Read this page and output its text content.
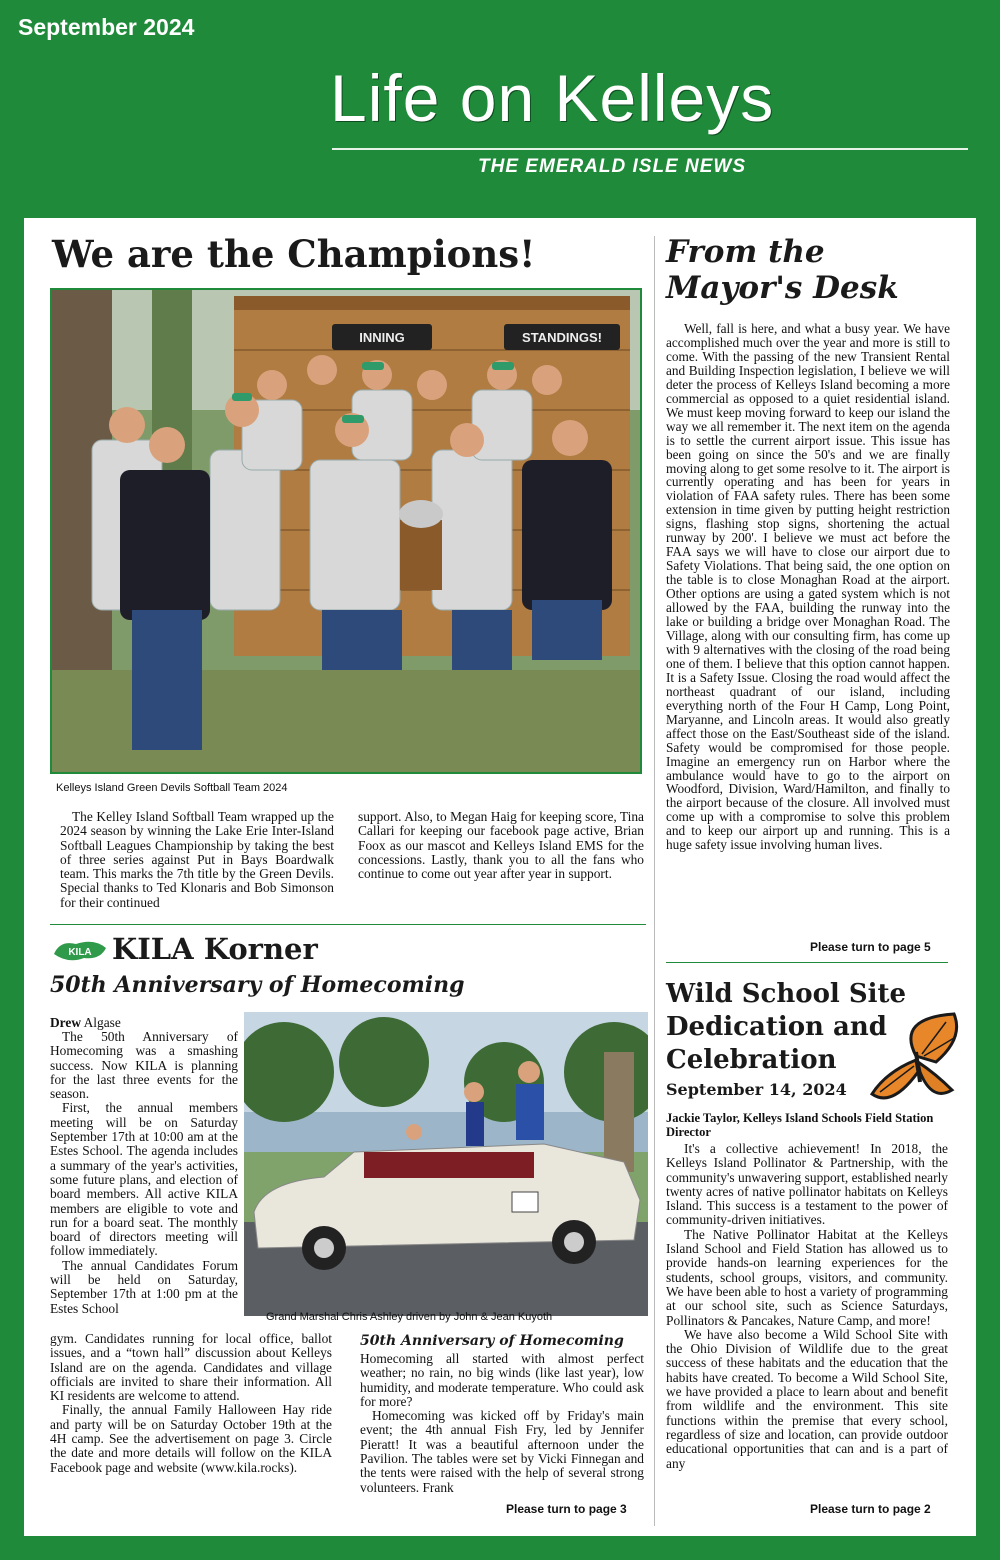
September 2024
Life on Kelleys
THE EMERALD ISLE NEWS
We are the Champions!
INNING	STANDINGS!
Kelleys Island Green Devils Softball Team 2024
The Kelley Island Softball Team wrapped up the 2024 season by winning the Lake Erie Inter-Island Softball Leagues Championship by taking the best of three series against Put in Bays Boardwalk team. This marks the 7th title by the Green Devils. Special thanks to Ted Klonaris and Bob Simonson for their continued
support. Also, to Megan Haig for keeping score, Tina Callari for keeping our facebook page active, Brian Foox as our mascot and Kelleys Island EMS for the concessions. Lastly, thank you to all the fans who continue to come out year after year in support.
From the
Mayor's Desk
Well, fall is here, and what a busy year. We have accomplished much over the year and more is still to come. With the passing of the new Transient Rental and Building Inspection legislation, I believe we will deter the process of Kelleys Island becoming a more commercial as opposed to a quiet residential island. We must keep moving forward to keep our island the way we all remember it. The next item on the agenda is to settle the current airport issue. This issue has been going on since the 50's and we are finally moving along to get some resolve to it. The airport is currently operating and has been for years in violation of FAA safety rules. There has been some extension in time given by putting height restriction signs, flashing stop signs, shortening the actual runway by 200'. I believe we must act before the FAA says we will have to close our airport due to Safety Violations. That being said, the one option on the table is to close Monaghan Road at the airport. Other options are using a gated system which is not allowed by the FAA, building the runway into the lake or building a bridge over Monaghan Road. The Village, along with our consulting firm, has come up with 9 alternatives with the closing of the road being one of them. I believe that this option cannot happen. It is a Safety Issue. Closing the road would affect the northeast quadrant of our island, including everything north of the Four H Camp, Long Point, Maryanne, and Lincoln areas. It would also greatly affect those on the East/Southeast side of the island. Safety would be compromised for those people. Imagine an emergency run on Harbor where the ambulance would have to go to the airport on Woodford, Division, Ward/Hamilton, and finally to the airport because of the closure. All involved must come up with a compromise to solve this problem and to keep our airport up and running. This is a huge safety issue involving human lives.
Please turn to page 5
KILA KILA Korner
50th Anniversary of Homecoming
Drew Algase
The 50th Anniversary of Homecoming was a smashing success. Now KILA is planning for the last three events for the season.
First, the annual members meeting will be on Saturday September 17th at 10:00 am at the Estes School. The agenda includes a summary of the year's activities, some future plans, and election of board members. All active KILA members are eligible to vote and run for a board seat. The monthly board of directors meeting will follow immediately.
The annual Candidates Forum will be held on Saturday, September 17th at 1:00 pm at the Estes School
gym. Candidates running for local office, ballot issues, and a “town hall” discussion about Kelleys Island are on the agenda. Candidates and village officials are invited to share their information. All KI residents are welcome to attend.
Finally, the annual Family Halloween Hay ride and party will be on Saturday October 19th at the 4H camp. See the advertisement on page 3. Circle the date and more details will follow on the KILA Facebook page and website (www.kila.rocks).
Grand Marshal Chris Ashley driven by John & Jean Kuyoth
50th Anniversary of Homecoming
Homecoming all started with almost perfect weather; no rain, no big winds (like last year), low humidity, and moderate temperature. Who could ask for more?
Homecoming was kicked off by Friday's main event; the 4th annual Fish Fry, led by Jennifer Pieratt! It was a beautiful afternoon under the Pavilion. The tables were set by Vicki Finnegan and the tents were raised with the help of several strong volunteers. Frank
Please turn to page 3
Wild School Site Dedication and Celebration
September 14, 2024
Jackie Taylor, Kelleys Island Schools Field Station Director
It's a collective achievement! In 2018, the Kelleys Island Pollinator & Partnership, with the community's unwavering support, established nearly twenty acres of native pollinator habitats on Kelleys Island. This success is a testament to the power of community-driven initiatives.
The Native Pollinator Habitat at the Kelleys Island School and Field Station has allowed us to provide hands-on learning experiences for the students, school groups, visitors, and community. We have been able to host a variety of programming at our school site, such as Science Saturdays, Pollinators & Pancakes, Nature Camp, and more!
We have also become a Wild School Site with the Ohio Division of Wildlife due to the great success of these habitats and the education that the habits have created. To become a Wild School Site, we have provided a place to learn about and benefit from wildlife and the environment. This site functions within the premise that every school, regardless of size and location, can provide outdoor educational opportunities that can and is a part of any
Please turn to page 2
